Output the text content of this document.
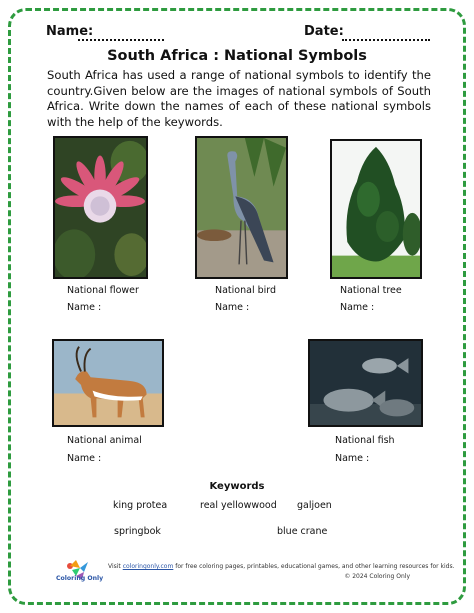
Name:	Date:
South Africa : National Symbols
South Africa has used a range of national symbols to identify the country.Given below are the images of national symbols of South Africa. Write down the names of each of these national symbols with the help of the keywords.
National flower
Name :
National bird
Name :
National tree
Name :
National animal
Name :
National fish
Name :
Keywords
king protea	real yellowwood galjoen
springbok	blue crane
Coloring Only
Visit coloringonly.com for free coloring pages, printables, educational games, and other learning resources for kids.
© 2024 Coloring Only
